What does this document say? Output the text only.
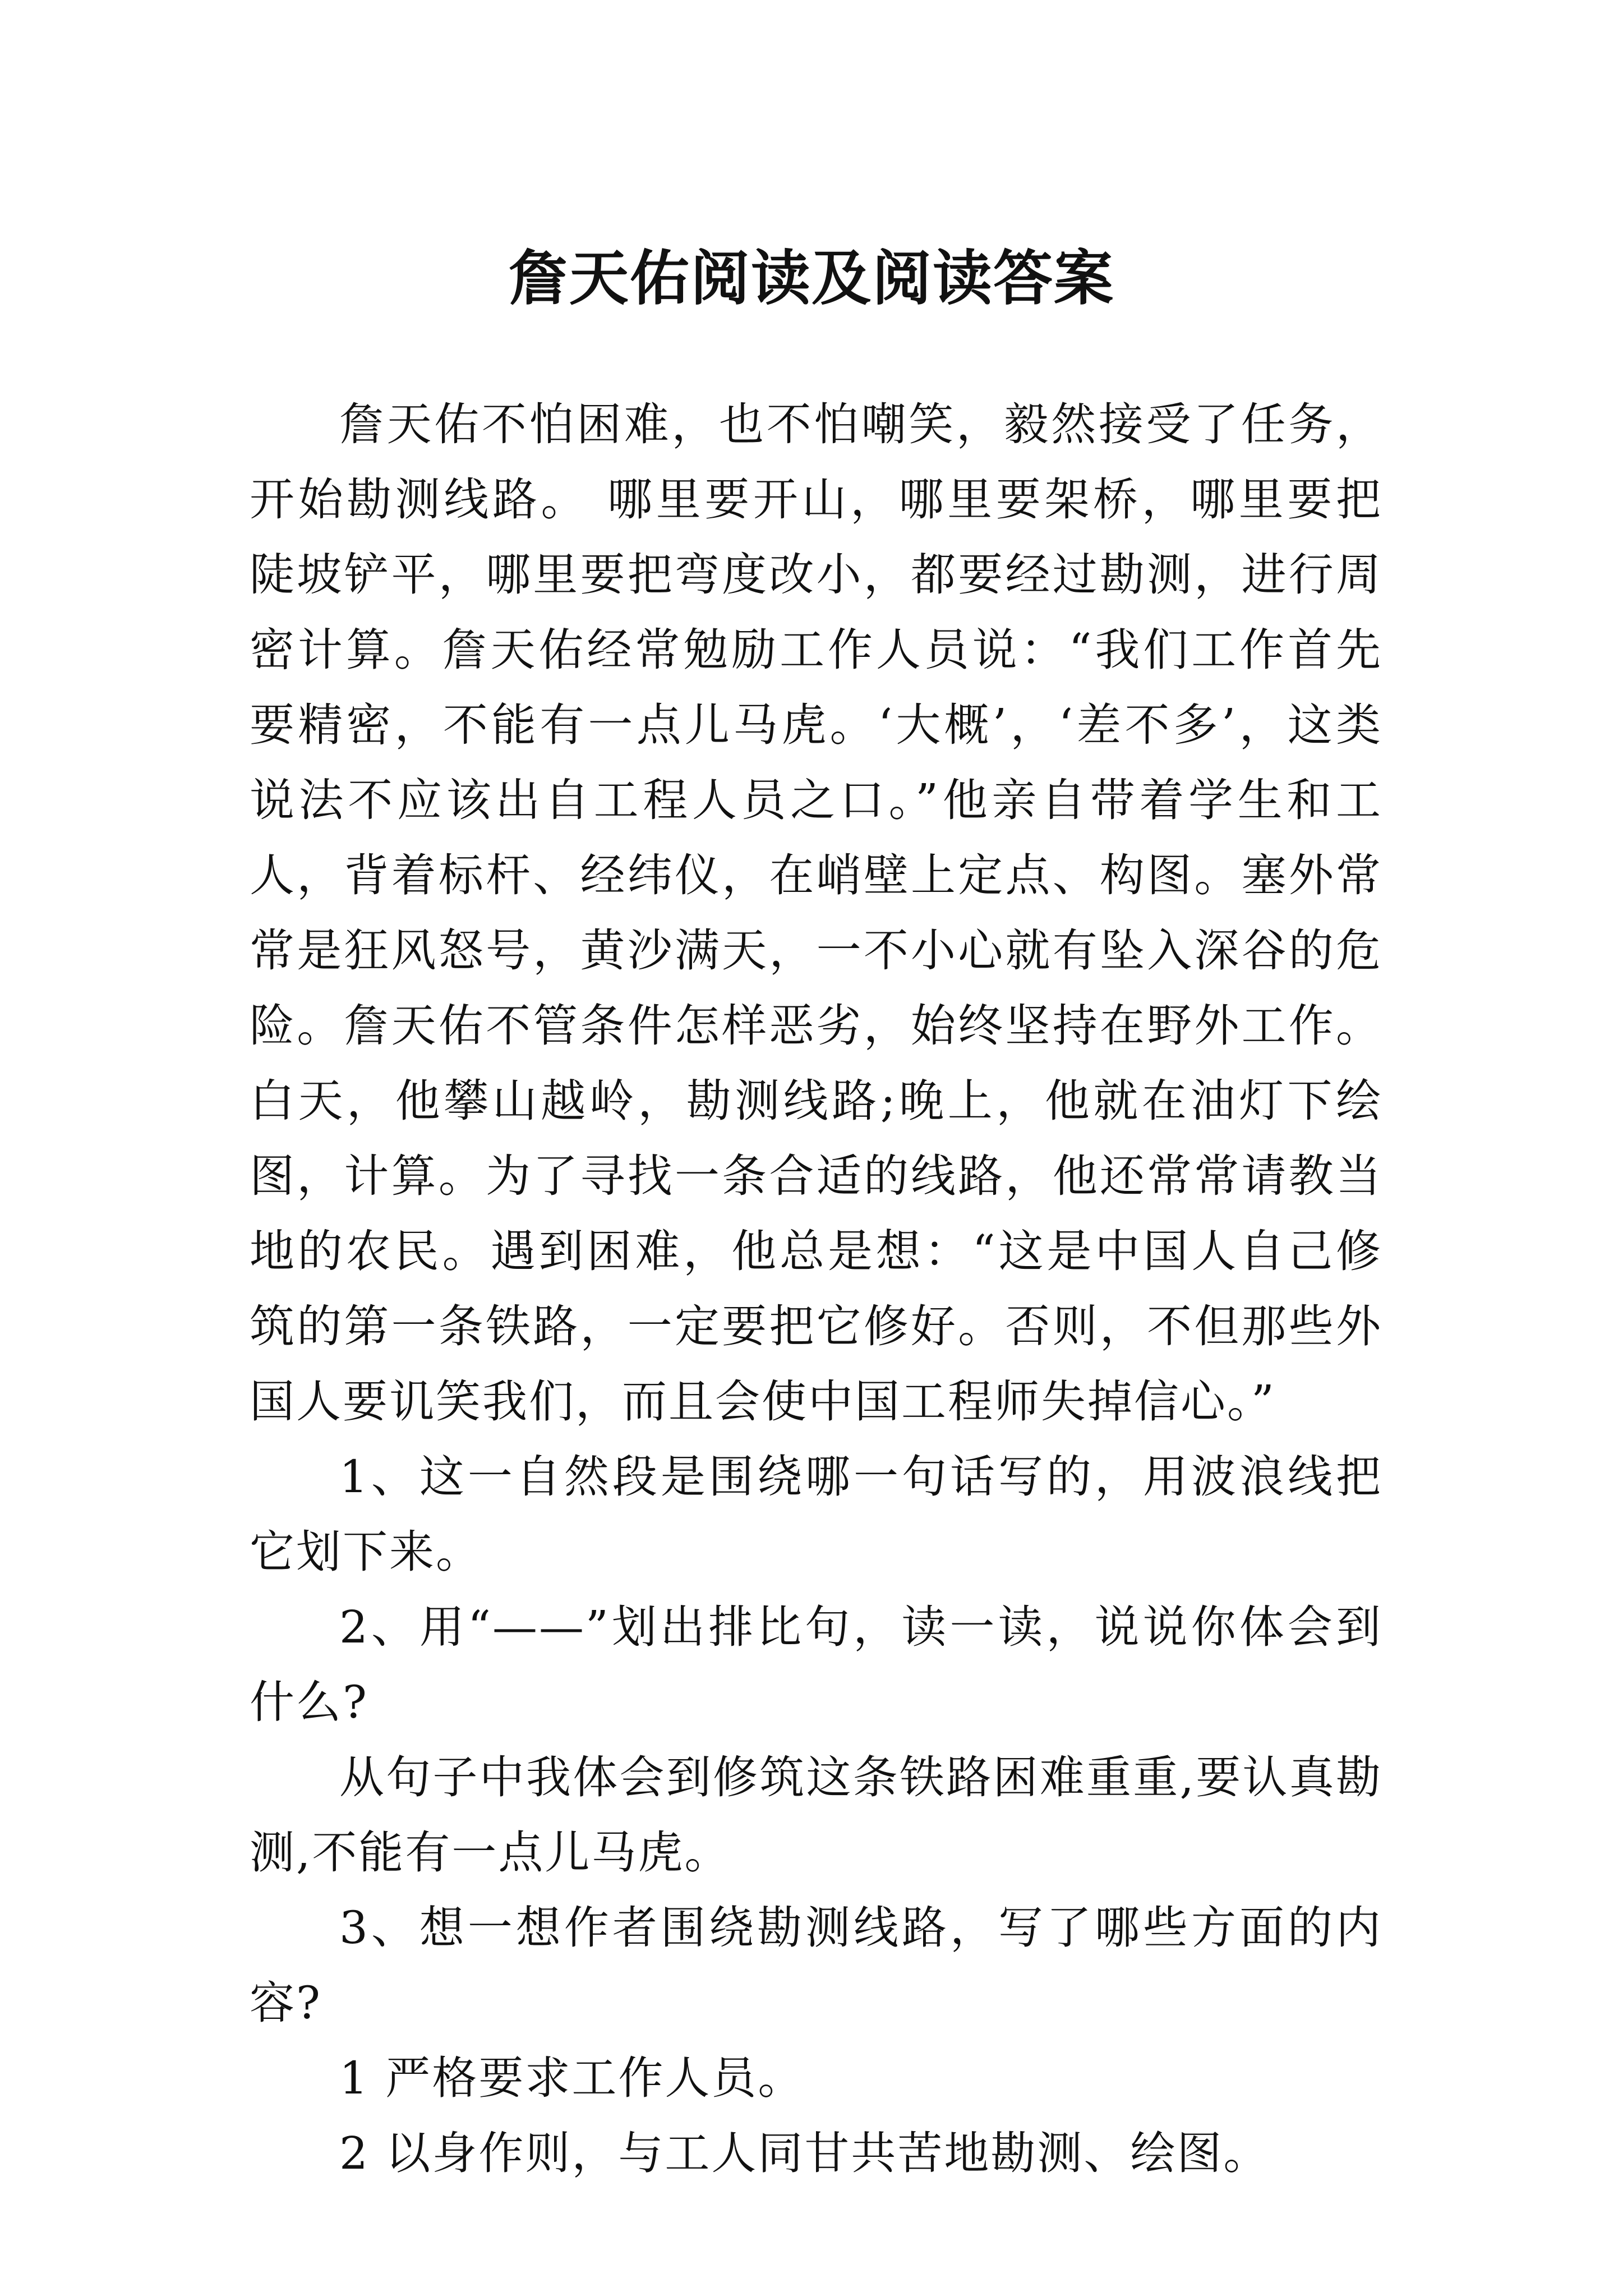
詹天佑阅读及阅读答案

詹天佑不怕困难，也不怕嘲笑，毅然接受了任务，开始勘测线路。 哪里要开山，哪里要架桥，哪里要把陡坡铲平，哪里要把弯度改小，都要经过勘测，进行周密计算。詹天佑经常勉励工作人员说：“我们工作首先要精密，不能有一点儿马虎。‘大概’，‘差不多’，这类说法不应该出自工程人员之口。”他亲自带着学生和工人，背着标杆、经纬仪，在峭壁上定点、构图。塞外常常是狂风怒号，黄沙满天，一不小心就有坠入深谷的危险。詹天佑不管条件怎样恶劣，始终坚持在野外工作。白天，他攀山越岭，勘测线路;晚上，他就在油灯下绘图，计算。为了寻找一条合适的线路，他还常常请教当地的农民。遇到困难，他总是想：“这是中国人自己修筑的第一条铁路，一定要把它修好。否则，不但那些外国人要讥笑我们，而且会使中国工程师失掉信心。”

1、这一自然段是围绕哪一句话写的，用波浪线把它划下来。

2、用“——”划出排比句，读一读，说说你体会到什么?

从句子中我体会到修筑这条铁路困难重重,要认真勘测,不能有一点儿马虎。

3、想一想作者围绕勘测线路，写了哪些方面的内容?

1 严格要求工作人员。

2 以身作则，与工人同甘共苦地勘测、绘图。
